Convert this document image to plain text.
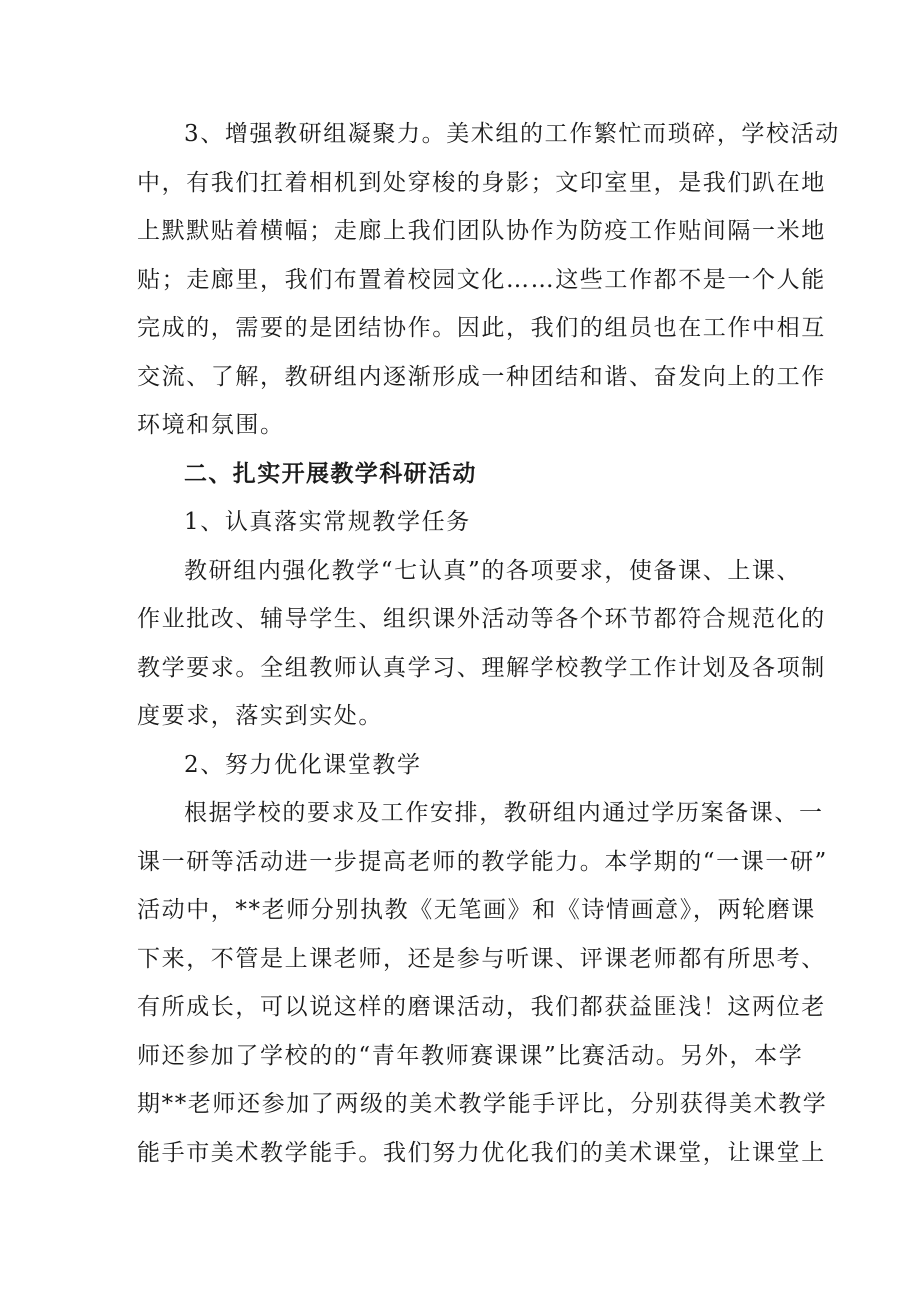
3、增强教研组凝聚力。美术组的工作繁忙而琐碎，学校活动
中，有我们扛着相机到处穿梭的身影；文印室里，是我们趴在地
上默默贴着横幅；走廊上我们团队协作为防疫工作贴间隔一米地
贴；走廊里，我们布置着校园文化……这些工作都不是一个人能
完成的，需要的是团结协作。因此，我们的组员也在工作中相互
交流、了解，教研组内逐渐形成一种团结和谐、奋发向上的工作
环境和氛围。
二、扎实开展教学科研活动
1、认真落实常规教学任务
教研组内强化教学“七认真”的各项要求，使备课、上课、
作业批改、辅导学生、组织课外活动等各个环节都符合规范化的
教学要求。全组教师认真学习、理解学校教学工作计划及各项制
度要求，落实到实处。
2、努力优化课堂教学
根据学校的要求及工作安排，教研组内通过学历案备课、一
课一研等活动进一步提高老师的教学能力。本学期的“一课一研”
活动中，**老师分别执教《无笔画》和《诗情画意》，两轮磨课
下来，不管是上课老师，还是参与听课、评课老师都有所思考、
有所成长，可以说这样的磨课活动，我们都获益匪浅！这两位老
师还参加了学校的的“青年教师赛课课”比赛活动。另外，本学
期**老师还参加了两级的美术教学能手评比，分别获得美术教学
能手市美术教学能手。我们努力优化我们的美术课堂，让课堂上
